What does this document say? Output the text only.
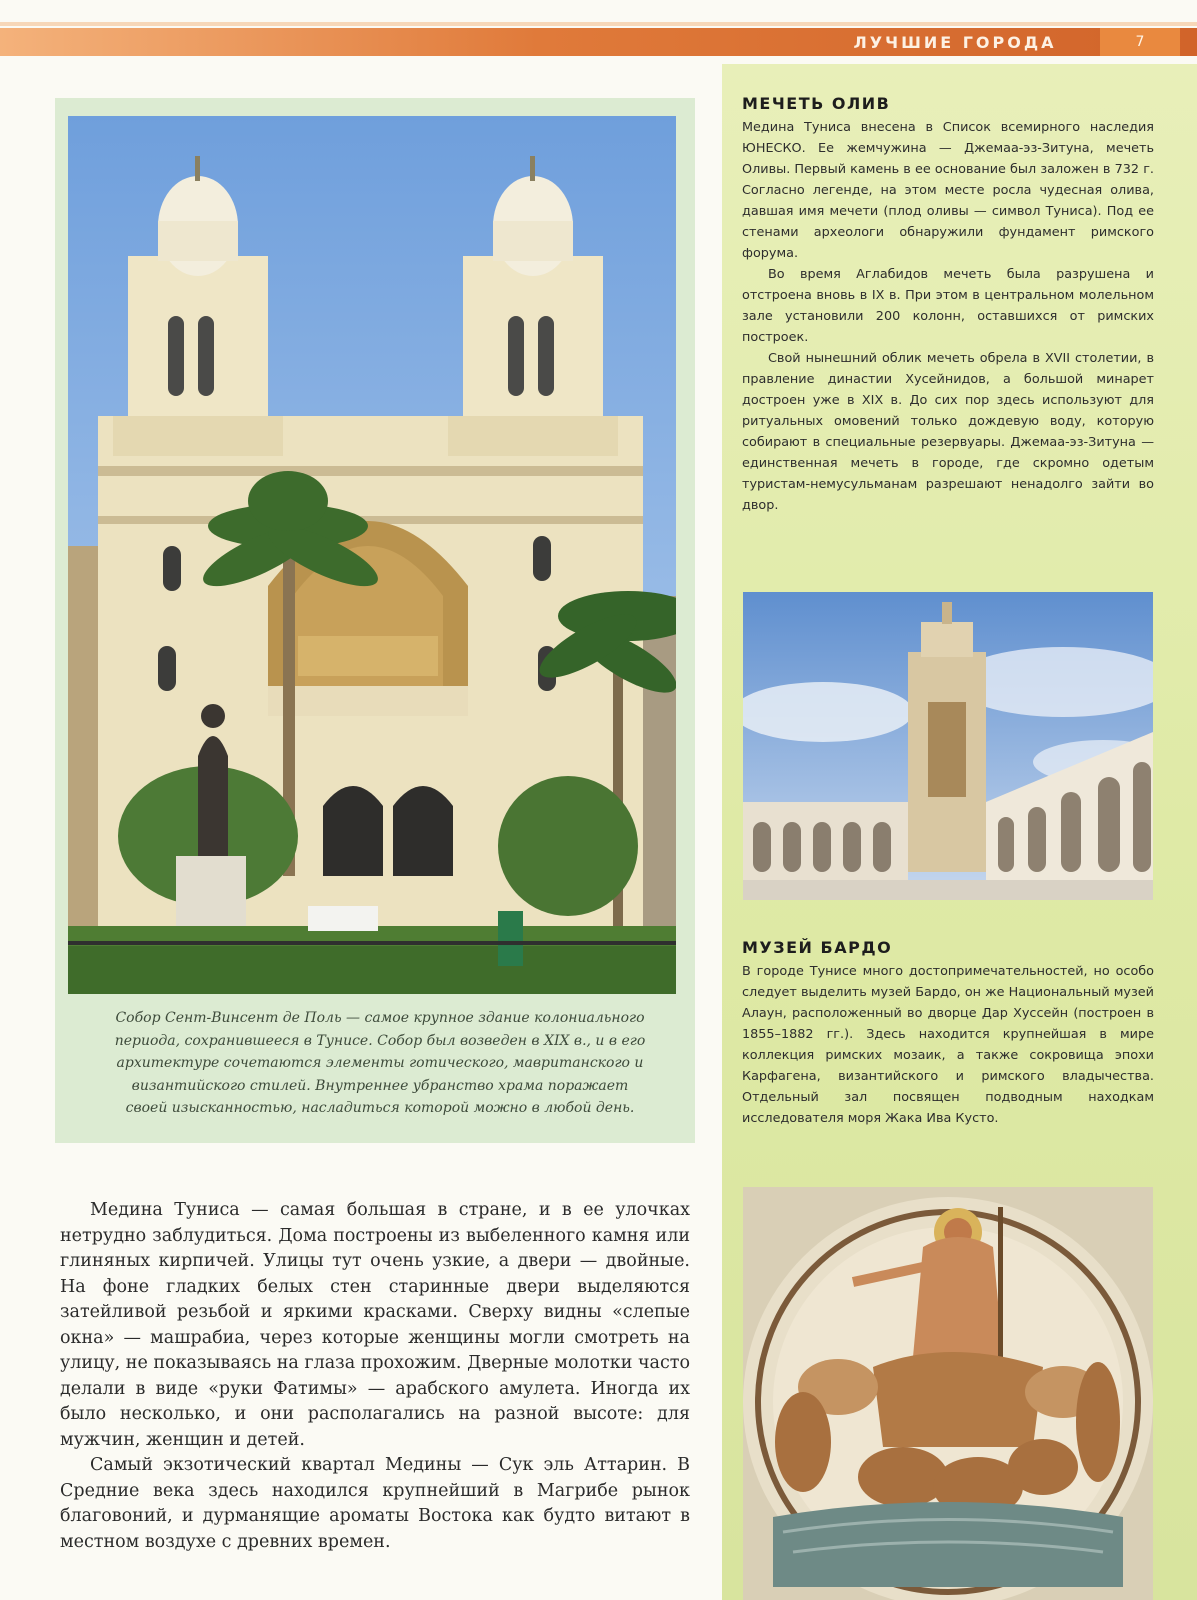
ЛУЧШИЕ ГОРОДА	7
Собор Сент-Винсент де Поль — самое крупное здание колониального периода, сохранившееся в Тунисе. Собор был возведен в XIX в., и в его архитектуре сочетаются элементы готического, мавританского и византийского стилей. Внутреннее убранство храма поражает своей изысканностью, насладиться которой можно в любой день.

Медина Туниса — самая большая в стране, и в ее улочках нетрудно заблудиться. Дома построены из выбеленного камня или глиняных кирпичей. Улицы тут очень узкие, а двери — двойные. На фоне гладких белых стен старинные двери выделяются затейливой резьбой и яркими красками. Сверху видны «слепые окна» — машрабиа, через которые женщины могли смотреть на улицу, не показываясь на глаза прохожим. Дверные молотки часто делали в виде «руки Фатимы» — арабского амулета. Иногда их было несколько, и они располагались на разной высоте: для мужчин, женщин и детей.

Самый экзотический квартал Медины — Сук эль Аттарин. В Средние века здесь находился крупнейший в Магрибе рынок благовоний, и дурманящие ароматы Востока как будто витают в местном воздухе с древних времен.

МЕЧЕТЬ ОЛИВ

Медина Туниса внесена в Список всемирного наследия ЮНЕСКО. Ее жемчужина — Джемаа-эз-Зитуна, мечеть Оливы. Первый камень в ее основание был заложен в 732 г. Согласно легенде, на этом месте росла чудесная олива, давшая имя мечети (плод оливы — символ Туниса). Под ее стенами археологи обнаружили фундамент римского форума.

Во время Аглабидов мечеть была разрушена и отстроена вновь в IX в. При этом в центральном молельном зале установили 200 колонн, оставшихся от римских построек.

Свой нынешний облик мечеть обрела в XVII столетии, в правление династии Хусейнидов, а большой минарет достроен уже в XIX в. До сих пор здесь используют для ритуальных омовений только дождевую воду, которую собирают в специальные резервуары. Джемаа-эз-Зитуна — единственная мечеть в городе, где скромно одетым туристам-немусульманам разрешают ненадолго зайти во двор.

МУЗЕЙ БАРДО

В городе Тунисе много достопримечательностей, но особо следует выделить музей Бардо, он же Национальный музей Алаун, расположенный во дворце Дар Хуссейн (построен в 1855–1882 гг.). Здесь находится крупнейшая в мире коллекция римских мозаик, а также сокровища эпохи Карфагена, византийского и римского владычества. Отдельный зал посвящен подводным находкам исследователя моря Жака Ива Кусто.
